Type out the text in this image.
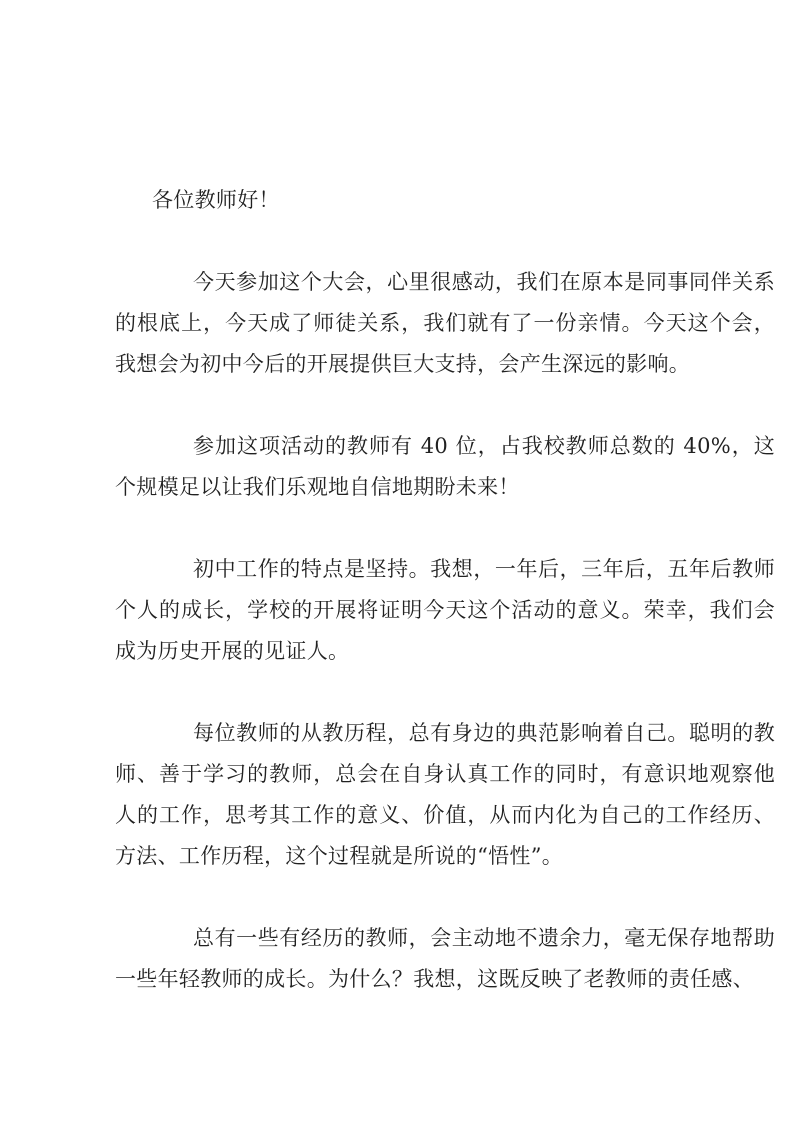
各位教师好！

今天参加这个大会，心里很感动，我们在原本是同事同伴关系的根底上，今天成了师徒关系，我们就有了一份亲情。今天这个会，我想会为初中今后的开展提供巨大支持，会产生深远的影响。

参加这项活动的教师有 40 位，占我校教师总数的 40%，这个规模足以让我们乐观地自信地期盼未来！

初中工作的特点是坚持。我想，一年后，三年后，五年后教师个人的成长，学校的开展将证明今天这个活动的意义。荣幸，我们会成为历史开展的见证人。

每位教师的从教历程，总有身边的典范影响着自己。聪明的教师、善于学习的教师，总会在自身认真工作的同时，有意识地观察他人的工作，思考其工作的意义、价值，从而内化为自己的工作经历、方法、工作历程，这个过程就是所说的“悟性”。

总有一些有经历的教师，会主动地不遗余力，毫无保存地帮助一些年轻教师的成长。为什么？我想，这既反映了老教师的责任感、
